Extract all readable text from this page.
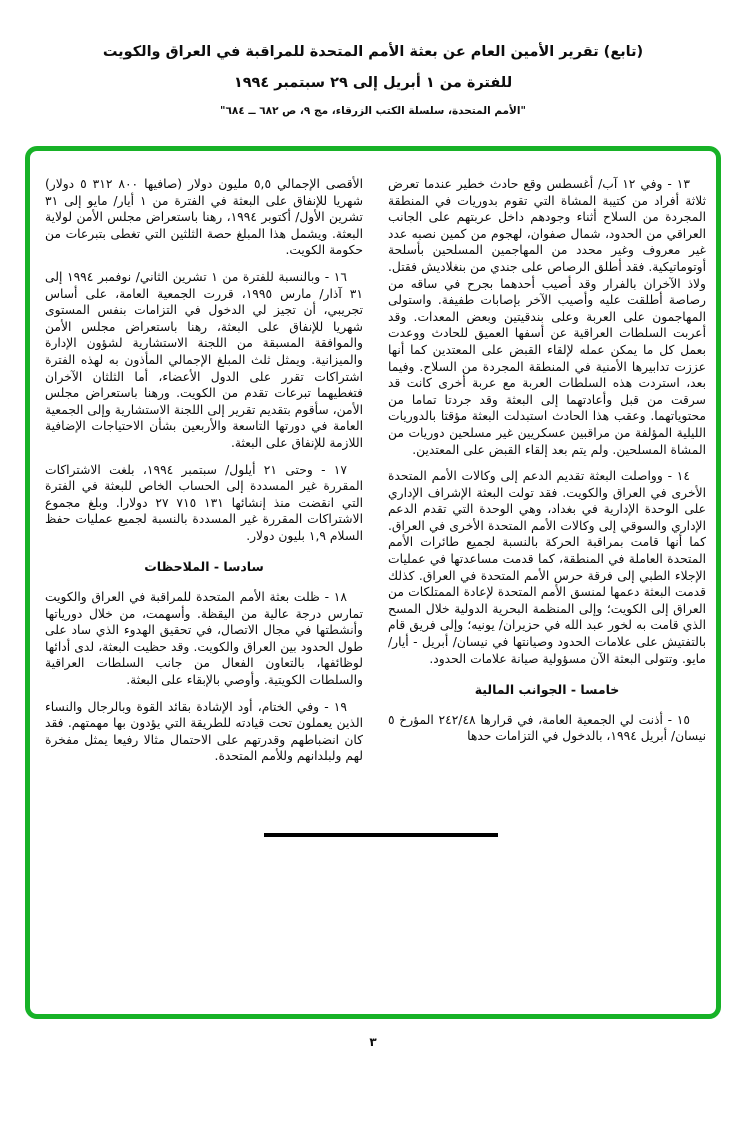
(تابع) تقرير الأمين العام عن بعثة الأمم المتحدة للمراقبة في العراق والكويت
للفترة من ١ أبريل إلى ٢٩ سبتمبر ١٩٩٤
"الأمم المتحدة، سلسلة الكتب الزرقاء، مج ٩، ص ٦٨٢ ــ ٦٨٤"

١٣ - وفي ١٢ آب/ أغسطس وقع حادث خطير عندما تعرض ثلاثة أفراد من كتيبة المشاة التي تقوم بدوريات في المنطقة المجردة من السلاح أثناء وجودهم داخل عربتهم على الجانب العراقي من الحدود، شمال صفوان، لهجوم من كمين نصبه عدد غير معروف وغير محدد من المهاجمين المسلحين بأسلحة أوتوماتيكية. فقد أطلق الرصاص على جندي من بنغلاديش فقتل. ولاذ الآخران بالفرار وقد أصيب أحدهما بجرح في ساقه من رصاصة أطلقت عليه وأصيب الآخر بإصابات طفيفة. واستولى المهاجمون على العربة وعلى بندقيتين وبعض المعدات. وقد أعربت السلطات العراقية عن أسفها العميق للحادث ووعدت بعمل كل ما يمكن عمله لإلقاء القبض على المعتدين كما أنها عززت تدابيرها الأمنية في المنطقة المجردة من السلاح. وفيما بعد، استردت هذه السلطات العربة مع عربة أخرى كانت قد سرقت من قبل وأعادتهما إلى البعثة وقد جردتا تماما من محتوياتهما. وعقب هذا الحادث استبدلت البعثة مؤقتا بالدوريات الليلية المؤلفة من مراقبين عسكريين غير مسلحين دوريات من المشاة المسلحين. ولم يتم بعد إلقاء القبض على المعتدين.

١٤ - وواصلت البعثة تقديم الدعم إلى وكالات الأمم المتحدة الأخرى في العراق والكويت. فقد تولت البعثة الإشراف الإداري على الوحدة الإدارية في بغداد، وهي الوحدة التي تقدم الدعم الإداري والسوقي إلى وكالات الأمم المتحدة الأخرى في العراق. كما أنها قامت بمراقبة الحركة بالنسبة لجميع طائرات الأمم المتحدة العاملة في المنطقة، كما قدمت مساعدتها في عمليات الإجلاء الطبي إلى فرقة حرس الأمم المتحدة في العراق. كذلك قدمت البعثة دعمها لمنسق الأمم المتحدة لإعادة الممتلكات من العراق إلى الكويت؛ وإلى المنظمة البحرية الدولية خلال المسح الذي قامت به لخور عبد الله في حزيران/ يونيه؛ وإلى فريق قام بالتفتيش على علامات الحدود وصيانتها في نيسان/ أبريل - أيار/ مايو. وتتولى البعثة الآن مسؤولية صيانة علامات الحدود.

خامسا - الجوانب المالية

١٥ - أذنت لي الجمعية العامة، في قرارها ٢٤٢/٤٨ المؤرخ ٥ نيسان/ أبريل ١٩٩٤، بالدخول في التزامات حدها

الأقصى الإجمالي ٥,٥ مليون دولار (صافيها ٥ ٣١٢ ٨٠٠ دولار) شهريا للإنفاق على البعثة في الفترة من ١ أيار/ مايو إلى ٣١ تشرين الأول/ أكتوبر ١٩٩٤، رهنا باستعراض مجلس الأمن لولاية البعثة. ويشمل هذا المبلغ حصة الثلثين التي تغطى بتبرعات من حكومة الكويت.

١٦ - وبالنسبة للفترة من ١ تشرين الثاني/ نوفمبر ١٩٩٤ إلى ٣١ آذار/ مارس ١٩٩٥، قررت الجمعية العامة، على أساس تجريبي، أن تجيز لي الدخول في التزامات بنفس المستوى شهريا للإنفاق على البعثة، رهنا باستعراض مجلس الأمن والموافقة المسبقة من اللجنة الاستشارية لشؤون الإدارة والميزانية. ويمثل ثلث المبلغ الإجمالي المأذون به لهذه الفترة اشتراكات تقرر على الدول الأعضاء، أما الثلثان الآخران فتغطيهما تبرعات تقدم من الكويت. ورهنا باستعراض مجلس الأمن، سأقوم بتقديم تقرير إلى اللجنة الاستشارية وإلى الجمعية العامة في دورتها التاسعة والأربعين بشأن الاحتياجات الإضافية اللازمة للإنفاق على البعثة.

١٧ - وحتى ٢١ أيلول/ سبتمبر ١٩٩٤، بلغت الاشتراكات المقررة غير المسددة إلى الحساب الخاص للبعثة في الفترة التي انقضت منذ إنشائها ٢٧ ٧١٥ ١٣١ دولارا. وبلغ مجموع الاشتراكات المقررة غير المسددة بالنسبة لجميع عمليات حفظ السلام ١,٩ بليون دولار.

سادسا - الملاحظات

١٨ - ظلت بعثة الأمم المتحدة للمراقبة في العراق والكويت تمارس درجة عالية من اليقظة. وأسهمت، من خلال دورياتها وأنشطتها في مجال الاتصال، في تحقيق الهدوء الذي ساد على طول الحدود بين العراق والكويت. وقد حظيت البعثة، لدى أدائها لوظائفها، بالتعاون الفعال من جانب السلطات العراقية والسلطات الكويتية. وأوصي بالإبقاء على البعثة.

١٩ - وفي الختام، أود الإشادة بقائد القوة وبالرجال والنساء الذين يعملون تحت قيادته للطريقة التي يؤدون بها مهمتهم. فقد كان انضباطهم وقدرتهم على الاحتمال مثالا رفيعا يمثل مفخرة لهم ولبلدانهم وللأمم المتحدة.

٣
